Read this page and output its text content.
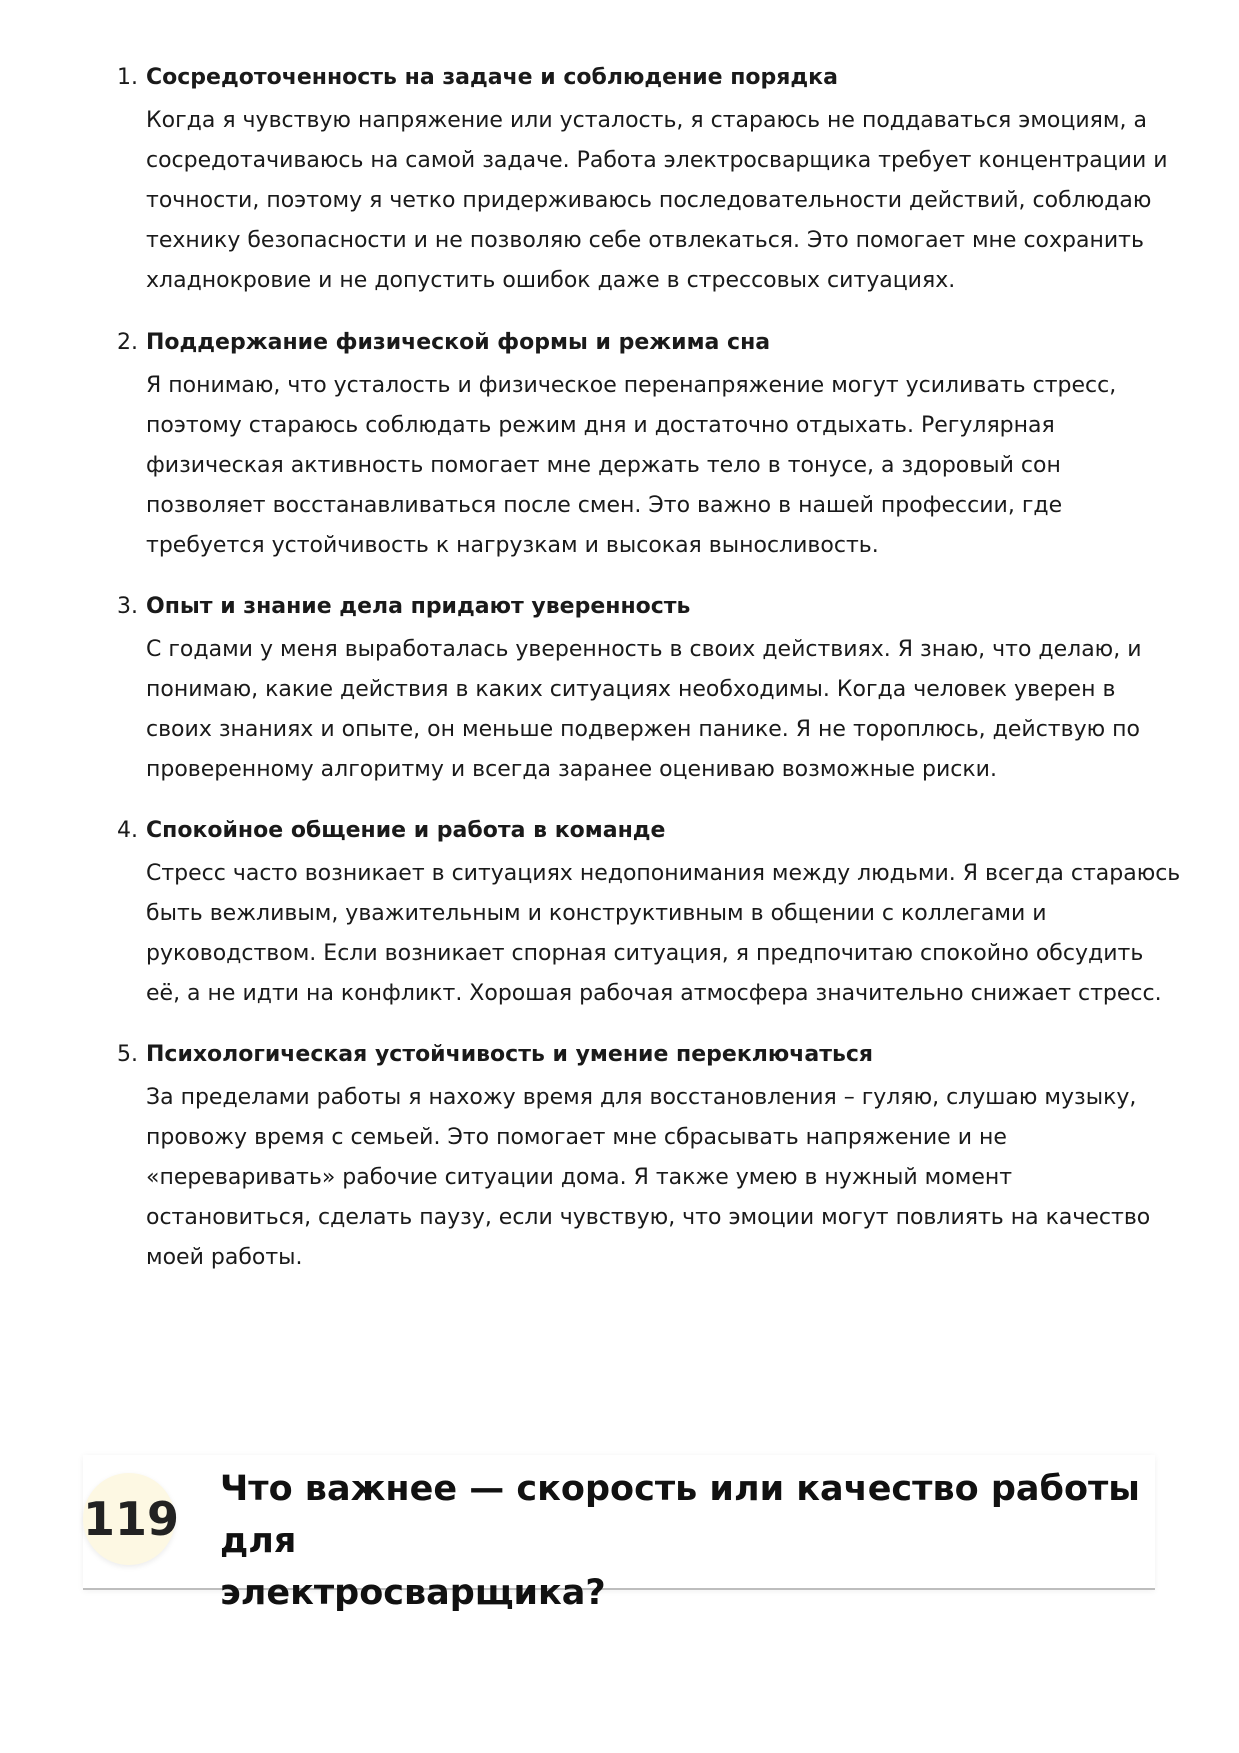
1. Сосредоточенность на задаче и соблюдение порядка
Когда я чувствую напряжение или усталость, я стараюсь не поддаваться эмоциям, а
сосредотачиваюсь на самой задаче. Работа электросварщика требует концентрации и
точности, поэтому я четко придерживаюсь последовательности действий, соблюдаю
технику безопасности и не позволяю себе отвлекаться. Это помогает мне сохранить
хладнокровие и не допустить ошибок даже в стрессовых ситуациях.
2. Поддержание физической формы и режима сна
Я понимаю, что усталость и физическое перенапряжение могут усиливать стресс,
поэтому стараюсь соблюдать режим дня и достаточно отдыхать. Регулярная
физическая активность помогает мне держать тело в тонусе, а здоровый сон
позволяет восстанавливаться после смен. Это важно в нашей профессии, где
требуется устойчивость к нагрузкам и высокая выносливость.
3. Опыт и знание дела придают уверенность
С годами у меня выработалась уверенность в своих действиях. Я знаю, что делаю, и
понимаю, какие действия в каких ситуациях необходимы. Когда человек уверен в
своих знаниях и опыте, он меньше подвержен панике. Я не тороплюсь, действую по
проверенному алгоритму и всегда заранее оцениваю возможные риски.
4. Спокойное общение и работа в команде
Стресс часто возникает в ситуациях недопонимания между людьми. Я всегда стараюсь
быть вежливым, уважительным и конструктивным в общении с коллегами и
руководством. Если возникает спорная ситуация, я предпочитаю спокойно обсудить
её, а не идти на конфликт. Хорошая рабочая атмосфера значительно снижает стресс.
5. Психологическая устойчивость и умение переключаться
За пределами работы я нахожу время для восстановления – гуляю, слушаю музыку,
провожу время с семьей. Это помогает мне сбрасывать напряжение и не
«переваривать» рабочие ситуации дома. Я также умею в нужный момент
остановиться, сделать паузу, если чувствую, что эмоции могут повлиять на качество
моей работы.
119
Что важнее — скорость или качество работы для
электросварщика?
